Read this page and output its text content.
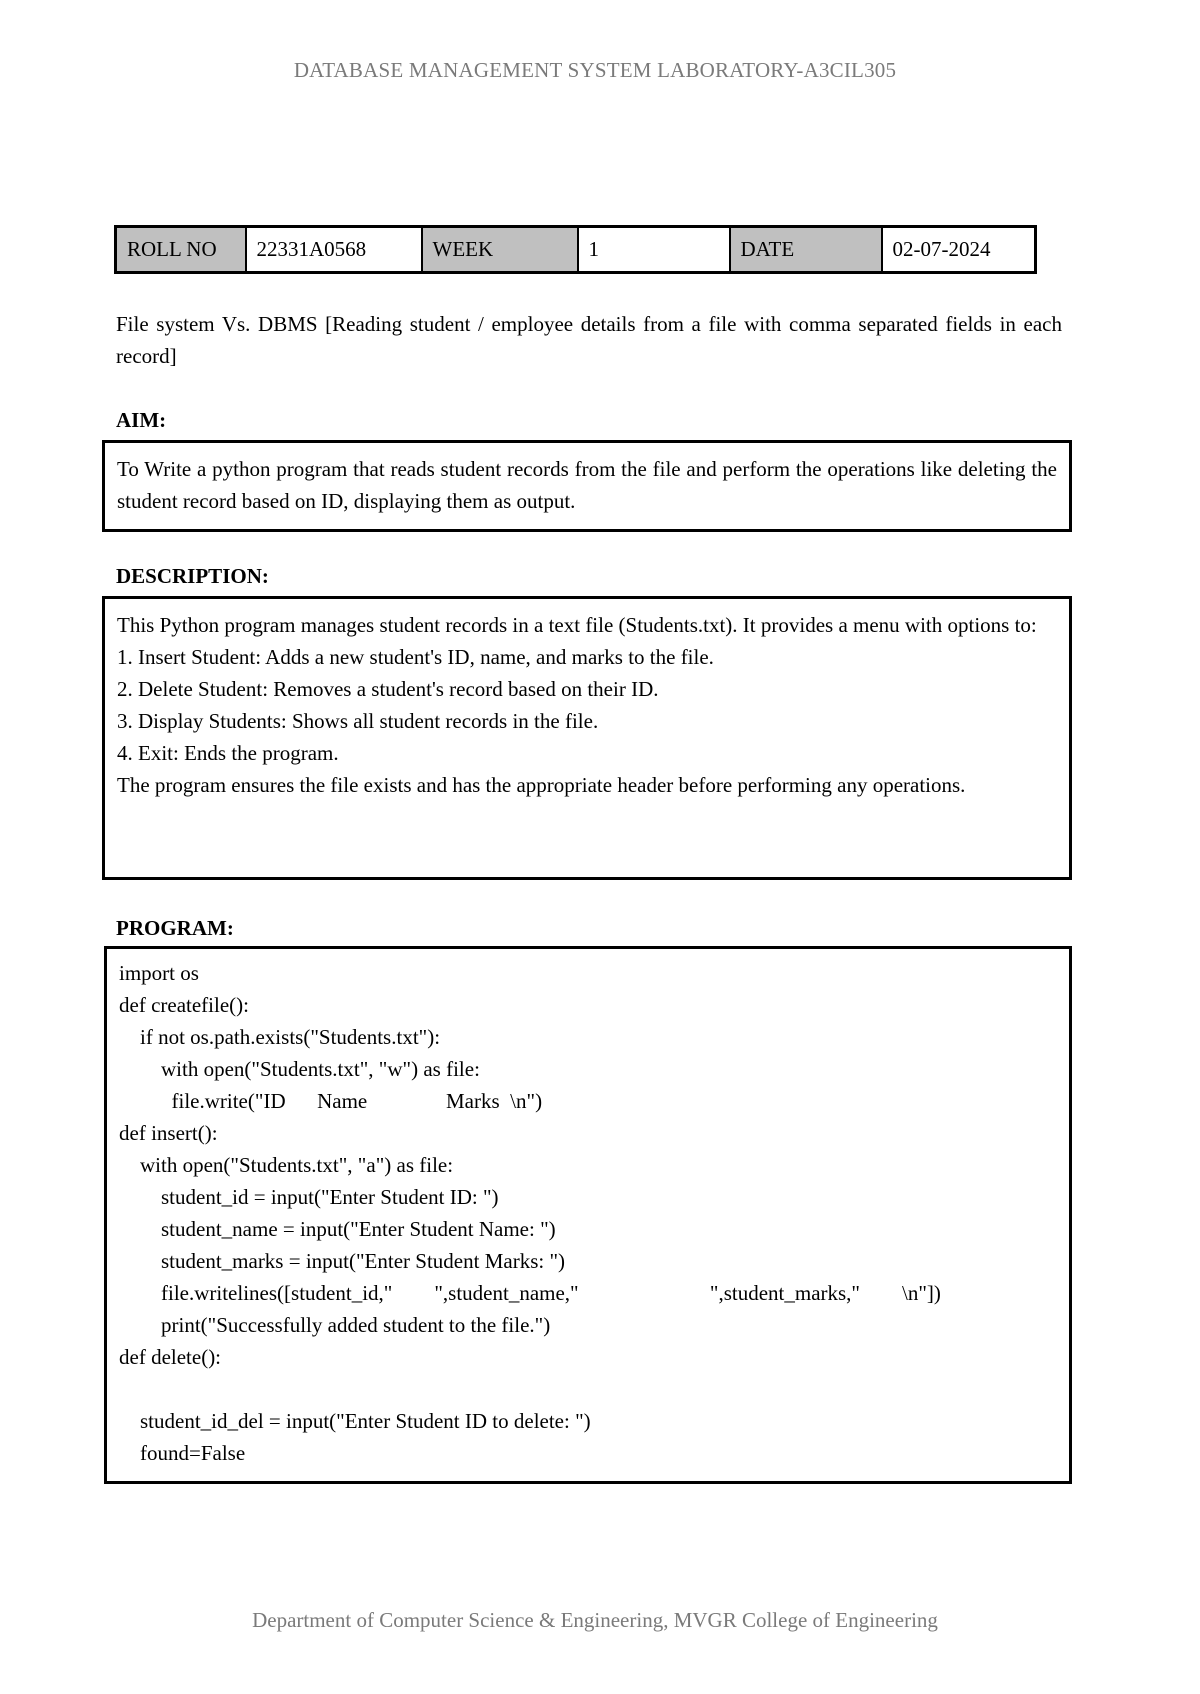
DATABASE MANAGEMENT SYSTEM LABORATORY-A3CIL305
ROLL NO	22331A0568	WEEK	1	DATE	02-07-2024
File system Vs. DBMS [Reading student / employee details from a file with comma separated fields in each record]
AIM:

To Write a python program that reads student records from the file and perform the operations like deleting the student record based on ID, displaying them as output.

DESCRIPTION:

This Python program manages student records in a text file (Students.txt). It provides a menu with options to:

1. Insert Student: Adds a new student's ID, name, and marks to the file.

2. Delete Student: Removes a student's record based on their ID.

3. Display Students: Shows all student records in the file.

4. Exit: Ends the program.

The program ensures the file exists and has the appropriate header before performing any operations.

PROGRAM:
import os
def createfile():
if not os.path.exists("Students.txt"):
with open("Students.txt", "w") as file:
file.write("ID      Name               Marks  \n")
def insert():
with open("Students.txt", "a") as file:
student_id = input("Enter Student ID: ")
student_name = input("Enter Student Name: ")
student_marks = input("Enter Student Marks: ")
file.writelines([student_id,"        ",student_name,"                         ",student_marks,"        \n"])
print("Successfully added student to the file.")
def delete():
student_id_del = input("Enter Student ID to delete: ")
found=False
Department of Computer Science & Engineering, MVGR College of Engineering
